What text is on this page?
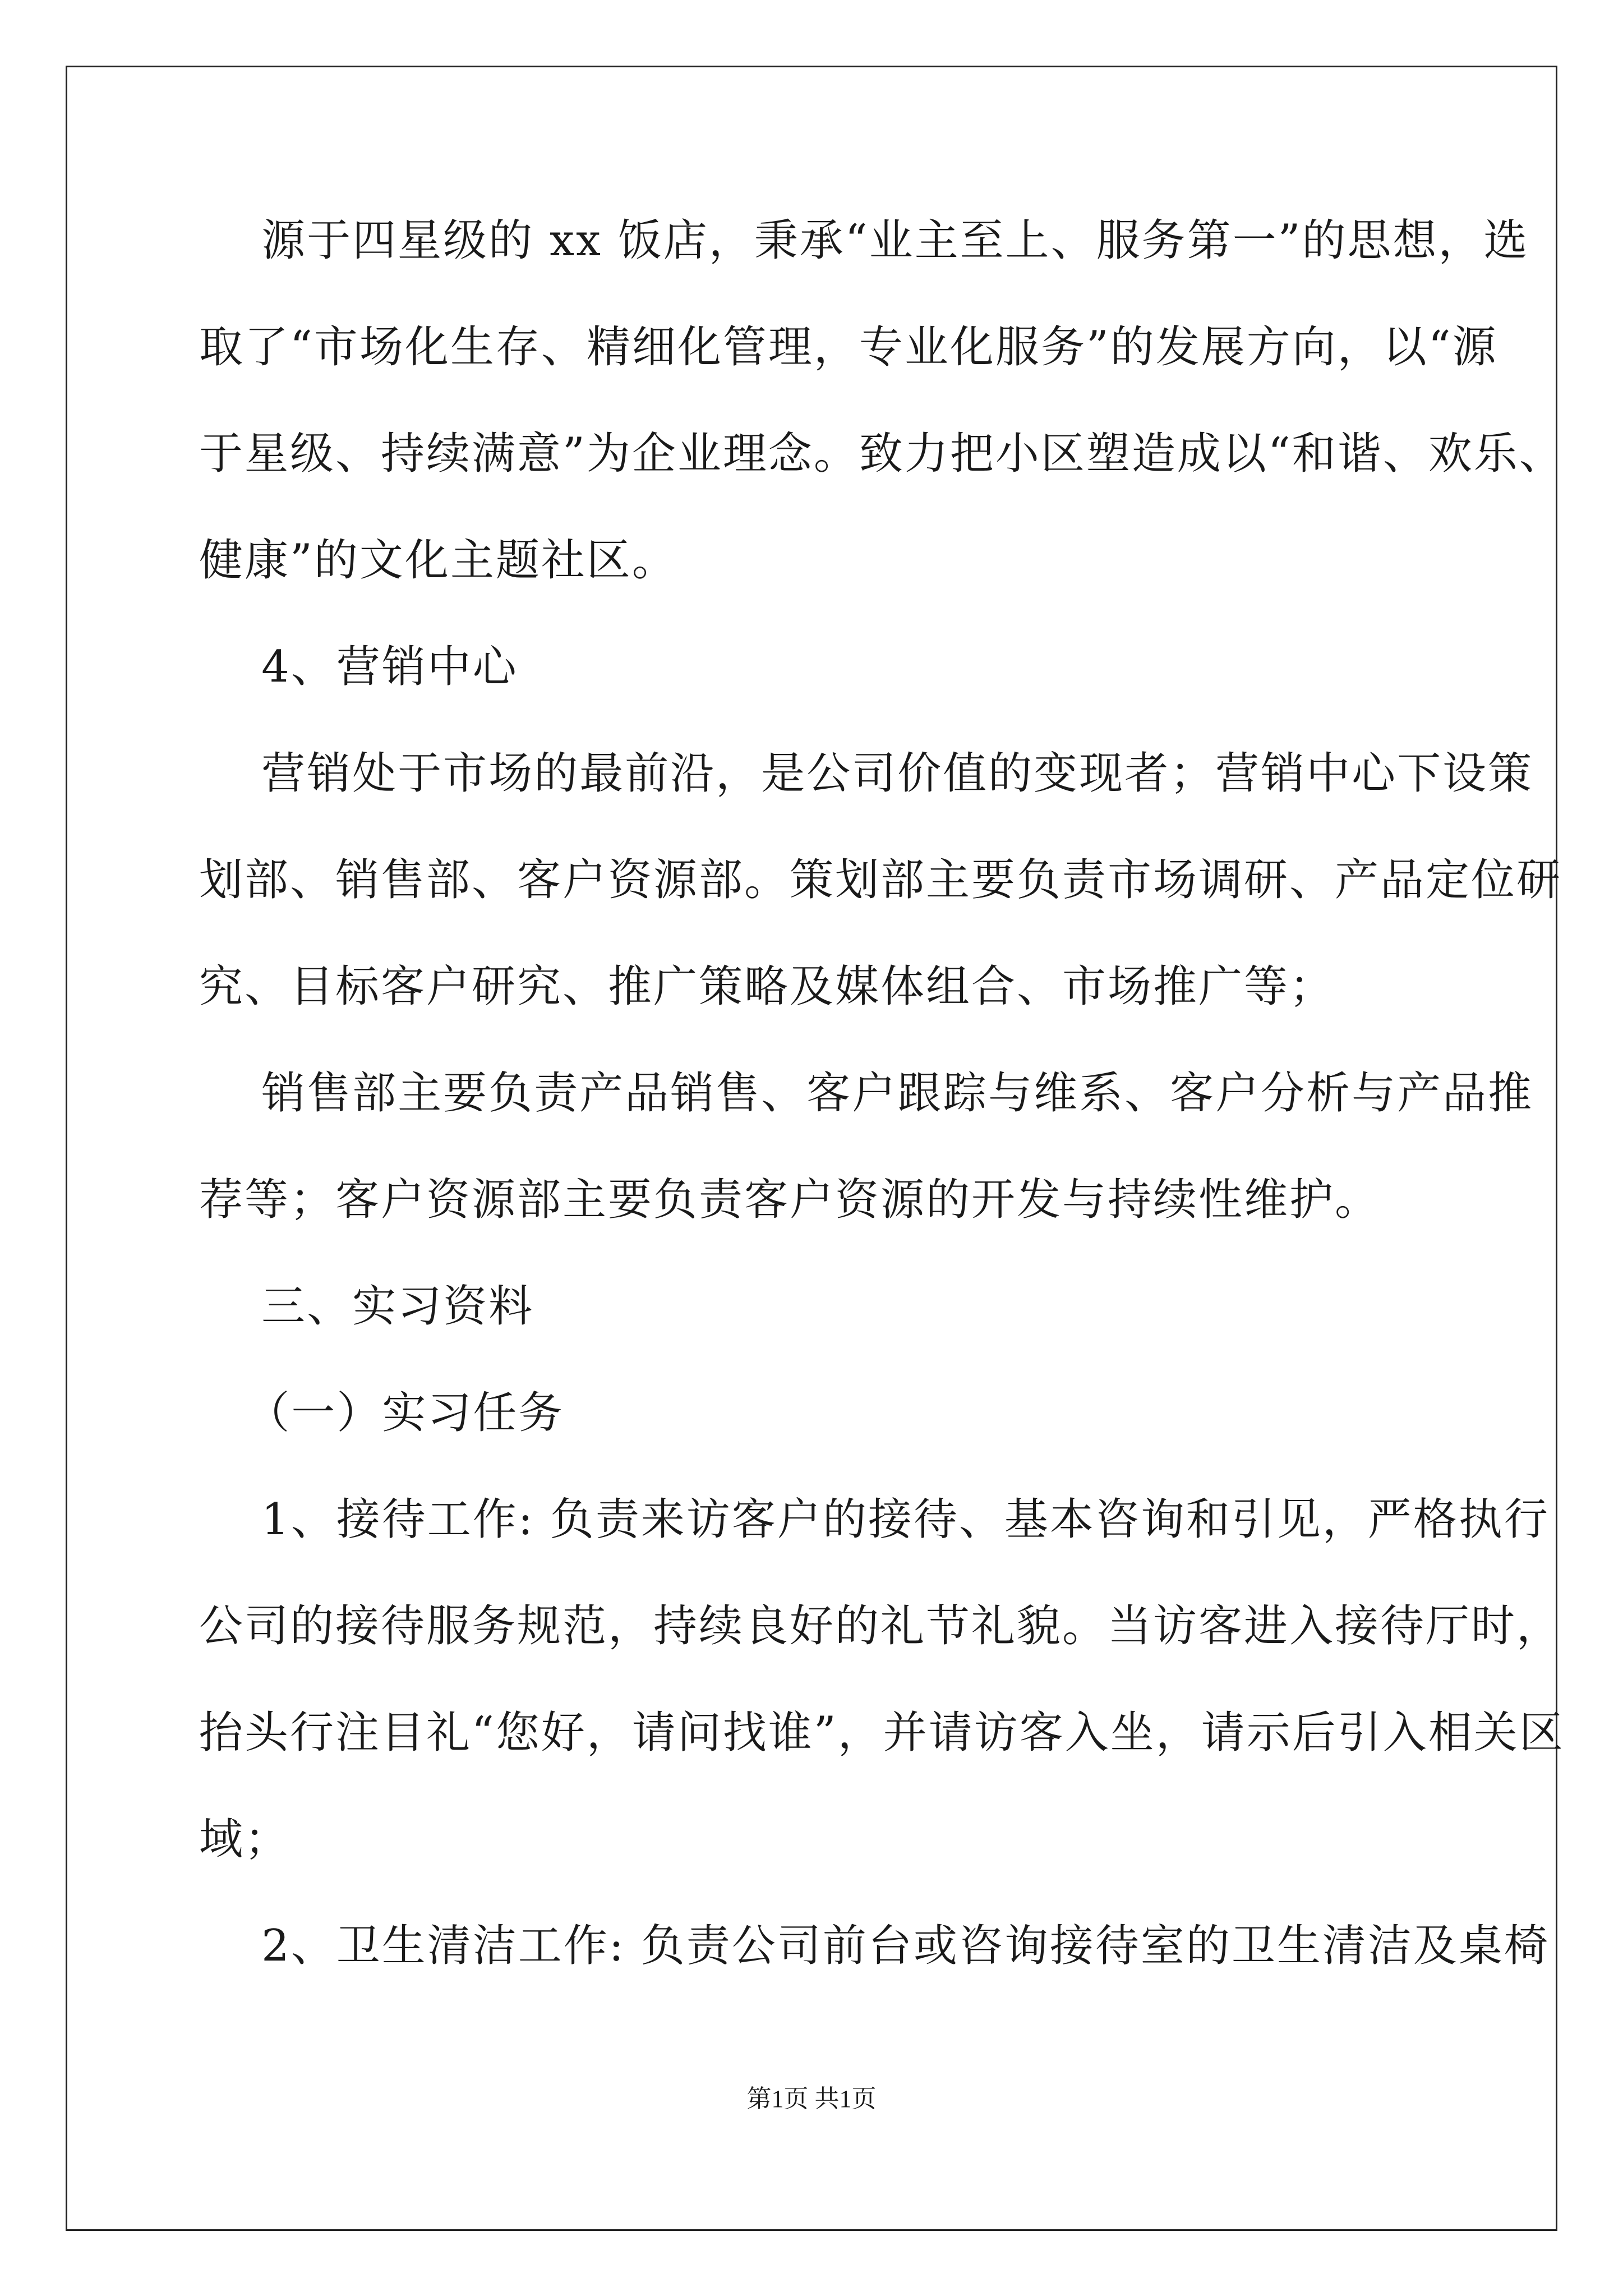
源于四星级的 xx 饭店，秉承“业主至上、服务第一”的思想，选
取了“市场化生存、精细化管理，专业化服务”的发展方向，以“源
于星级、持续满意”为企业理念。致力把小区塑造成以“和谐、欢乐、
健康”的文化主题社区。
4、营销中心
营销处于市场的最前沿，是公司价值的变现者；营销中心下设策
划部、销售部、客户资源部。策划部主要负责市场调研、产品定位研
究、目标客户研究、推广策略及媒体组合、市场推广等；
销售部主要负责产品销售、客户跟踪与维系、客户分析与产品推
荐等；客户资源部主要负责客户资源的开发与持续性维护。
三、实习资料
（一）实习任务
1、接待工作: 负责来访客户的接待、基本咨询和引见，严格执行
公司的接待服务规范，持续良好的礼节礼貌。当访客进入接待厅时，
抬头行注目礼“您好，请问找谁”，并请访客入坐，请示后引入相关区
域；
2、卫生清洁工作: 负责公司前台或咨询接待室的卫生清洁及桌椅
第1页 共1页
